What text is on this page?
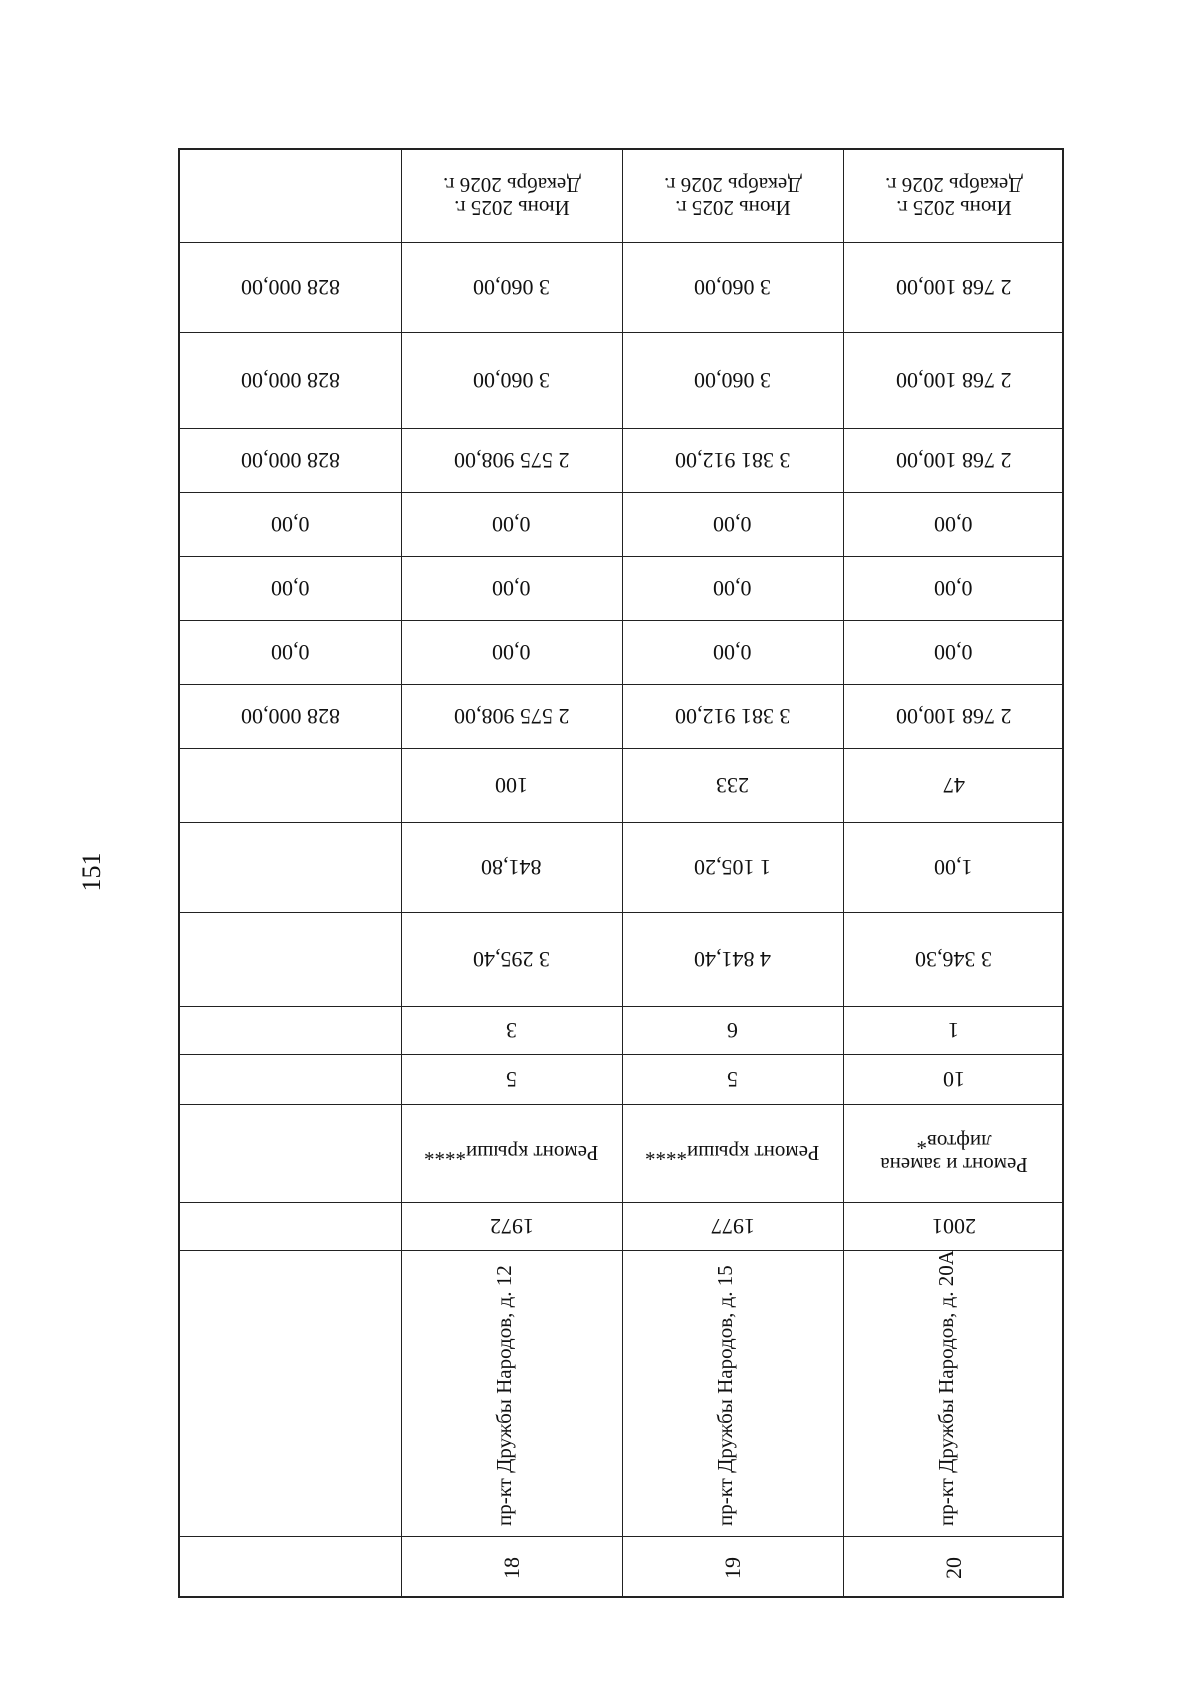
151
828 000,00
828 000,00
828 000,00
0,00
0,00
0,00
828 000,00
Июнь 2025 г.
Декабрь 2026 г.
3 060,00
3 060,00
2 575 908,00
0,00
0,00
0,00
2 575 908,00
100
841,80
3 295,40
3
5
Ремонт крыши****
1972
пр-кт Дружбы Народов, д. 12
18
Июнь 2025 г.
Декабрь 2026 г.
3 060,00
3 060,00
3 381 912,00
0,00
0,00
0,00
3 381 912,00
233
1 105,20
4 841,40
6
5
Ремонт крыши****
1977
пр-кт Дружбы Народов, д. 15
19
Июнь 2025 г.
Декабрь 2026 г.
2 768 100,00
2 768 100,00
2 768 100,00
0,00
0,00
0,00
2 768 100,00
47
1,00
3 346,30
1
10
Ремонт и замена лифтов*
2001
пр-кт Дружбы Народов, д. 20А
20
